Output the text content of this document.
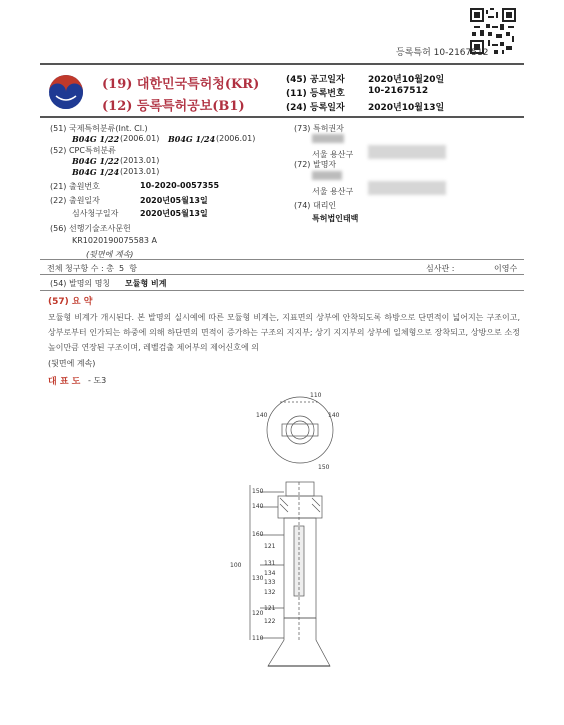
등록특허 10-2167512
(19) 대한민국특허청(KR)
(12) 등록특허공보(B1)
(45) 공고일자	2020년10월20일
(11) 등록번호	10-2167512
(24) 등록일자	2020년10월13일
(51) 국제특허분류(Int. Cl.)
B04G 1/22 (2006.01) B04G 1/24 (2006.01)
(52) CPC특허분류
B04G 1/22 (2013.01)
B04G 1/24 (2013.01)
(21) 출원번호	10-2020-0057355
(22) 출원일자	2020년05월13일
심사청구일자	2020년05월13일
(56) 선행기술조사문헌
KR1020190075583 A
(뒷면에 계속)
(73) 특허권자
서울 용산구
(72) 발명자
서울 용산구
(74) 대리인
특허법인태백
전체 청구항 수 : 총  5  항	심사관 :	이영수
(54) 발명의 명칭 모듈형 비계
(57) 요 약
모듈형 비계가 개시된다. 본 발명의 실시예에 따른 모듈형 비계는, 지표면의 상부에 안착되도록 하방으로 단면적이 넓어지는 구조이고, 상부로부터 인가되는 하중에 의해 하단면의 면적이 증가하는 구조의 지지부; 상기 지지부의 상부에 일체형으로 장착되고, 상방으로 소정 높이만큼 연장된 구조이며, 레벨검출 제어부의 제어신호에 의
(뒷면에 계속)
대 표 도 - 도3
110
140	140
150
150
140
160
121
131
134
133
132
130
100
121
120
122
110
